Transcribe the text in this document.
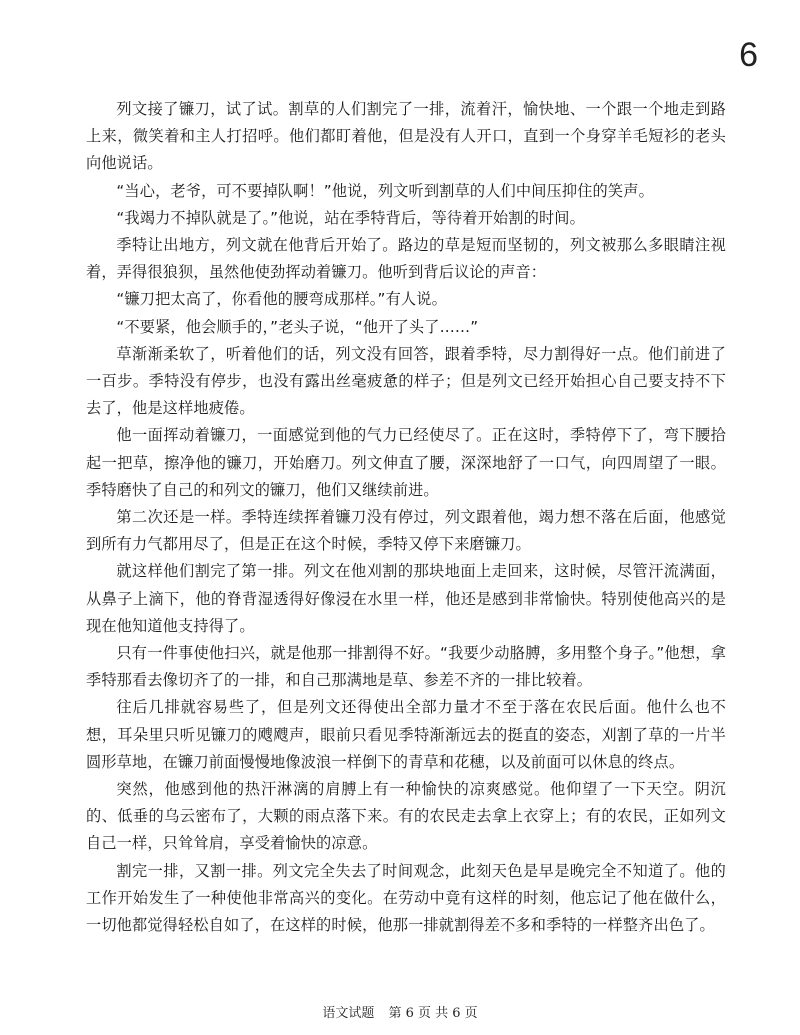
6

列文接了镰刀，试了试。割草的人们割完了一排，流着汗，愉快地、一个跟一个地走到路上来，微笑着和主人打招呼。他们都盯着他，但是没有人开口，直到一个身穿羊毛短衫的老头向他说话。

“当心，老爷，可不要掉队啊！”他说，列文听到割草的人们中间压抑住的笑声。

“我竭力不掉队就是了。”他说，站在季特背后，等待着开始割的时间。

季特让出地方，列文就在他背后开始了。路边的草是短而坚韧的，列文被那么多眼睛注视着，弄得很狼狈，虽然他使劲挥动着镰刀。他听到背后议论的声音：

“镰刀把太高了，你看他的腰弯成那样。”有人说。

“不要紧，他会顺手的，”老头子说，“他开了头了……”

草渐渐柔软了，听着他们的话，列文没有回答，跟着季特，尽力割得好一点。他们前进了一百步。季特没有停步，也没有露出丝毫疲惫的样子；但是列文已经开始担心自己要支持不下去了，他是这样地疲倦。

他一面挥动着镰刀，一面感觉到他的气力已经使尽了。正在这时，季特停下了，弯下腰拾起一把草，擦净他的镰刀，开始磨刀。列文伸直了腰，深深地舒了一口气，向四周望了一眼。季特磨快了自己的和列文的镰刀，他们又继续前进。

第二次还是一样。季特连续挥着镰刀没有停过，列文跟着他，竭力想不落在后面，他感觉到所有力气都用尽了，但是正在这个时候，季特又停下来磨镰刀。

就这样他们割完了第一排。列文在他刈割的那块地面上走回来，这时候，尽管汗流满面，从鼻子上滴下，他的脊背湿透得好像浸在水里一样，他还是感到非常愉快。特别使他高兴的是现在他知道他支持得了。

只有一件事使他扫兴，就是他那一排割得不好。“我要少动胳膊，多用整个身子。”他想，拿季特那看去像切齐了的一排，和自己那满地是草、参差不齐的一排比较着。

往后几排就容易些了，但是列文还得使出全部力量才不至于落在农民后面。他什么也不想，耳朵里只听见镰刀的飕飕声，眼前只看见季特渐渐远去的挺直的姿态，刈割了草的一片半圆形草地，在镰刀前面慢慢地像波浪一样倒下的青草和花穗，以及前面可以休息的终点。

突然，他感到他的热汗淋漓的肩膊上有一种愉快的凉爽感觉。他仰望了一下天空。阴沉的、低垂的乌云密布了，大颗的雨点落下来。有的农民走去拿上衣穿上；有的农民，正如列文自己一样，只耸耸肩，享受着愉快的凉意。

割完一排，又割一排。列文完全失去了时间观念，此刻天色是早是晚完全不知道了。他的工作开始发生了一种使他非常高兴的变化。在劳动中竟有这样的时刻，他忘记了他在做什么，一切他都觉得轻松自如了，在这样的时候，他那一排就割得差不多和季特的一样整齐出色了。

语文试题 第 6 页 共 6 页
